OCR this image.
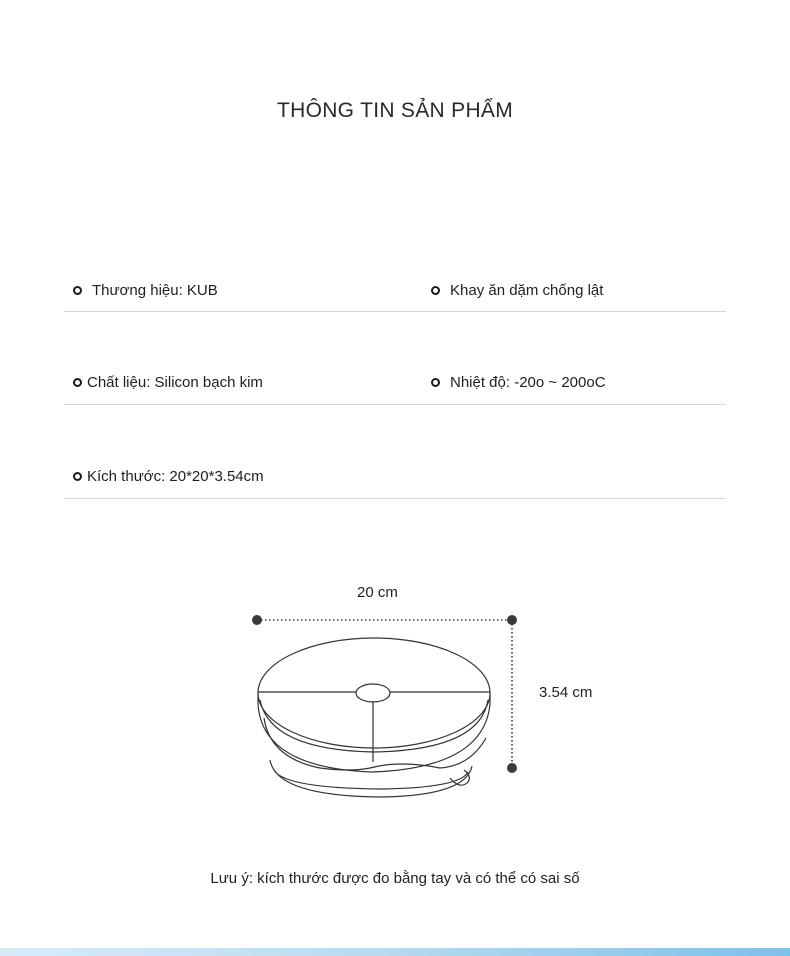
THÔNG TIN SẢN PHẨM
Thương hiệu: KUB	Khay ăn dặm chống lật
Chất liệu: Silicon bạch kim	Nhiệt độ: -20o ~ 200oC
Kích thước: 20*20*3.54cm
20 cm
3.54 cm
Lưu ý: kích thước được đo bằng tay và có thể có sai số
